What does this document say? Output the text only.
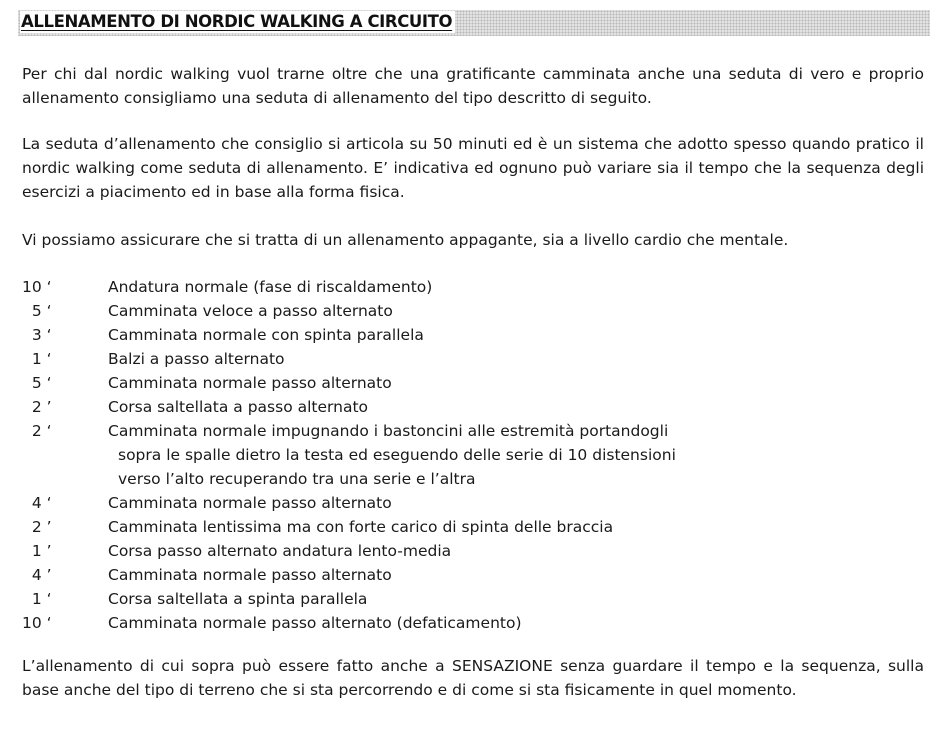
ALLENAMENTO DI NORDIC WALKING A CIRCUITO

Per chi dal nordic walking vuol trarne oltre che una gratificante camminata anche una seduta di vero e proprio allenamento consigliamo una seduta di allenamento del tipo descritto di seguito.

La seduta d’allenamento che consiglio si articola su 50 minuti ed è un sistema che adotto spesso quando pratico il nordic walking come seduta di allenamento. E’ indicativa ed ognuno può variare sia il tempo che la sequenza degli esercizi a piacimento ed in base alla forma fisica.

Vi possiamo assicurare che si tratta di un allenamento appagante, sia a livello cardio che mentale.

10 ‘	Andatura normale (fase di riscaldamento)
5 ‘	Camminata veloce a passo alternato
3 ‘	Camminata normale con spinta parallela
1 ‘	Balzi a passo alternato
5 ‘	Camminata normale passo alternato
2 ’	Corsa saltellata a passo alternato
2 ‘	Camminata normale impugnando i bastoncini alle estremità portandogli
sopra le spalle dietro la testa ed eseguendo delle serie di 10 distensioni
verso l’alto recuperando tra una serie e l’altra
4 ‘	Camminata normale passo alternato
2 ’	Camminata lentissima ma con forte carico di spinta delle braccia
1 ’	Corsa passo alternato andatura lento-media
4 ’	Camminata normale passo alternato
1 ‘	Corsa saltellata a spinta parallela
10 ‘	Camminata normale passo alternato (defaticamento)

L’allenamento di cui sopra può essere fatto anche a SENSAZIONE senza guardare il tempo e la sequenza, sulla base anche del tipo di terreno che si sta percorrendo e di come si sta fisicamente in quel momento.
